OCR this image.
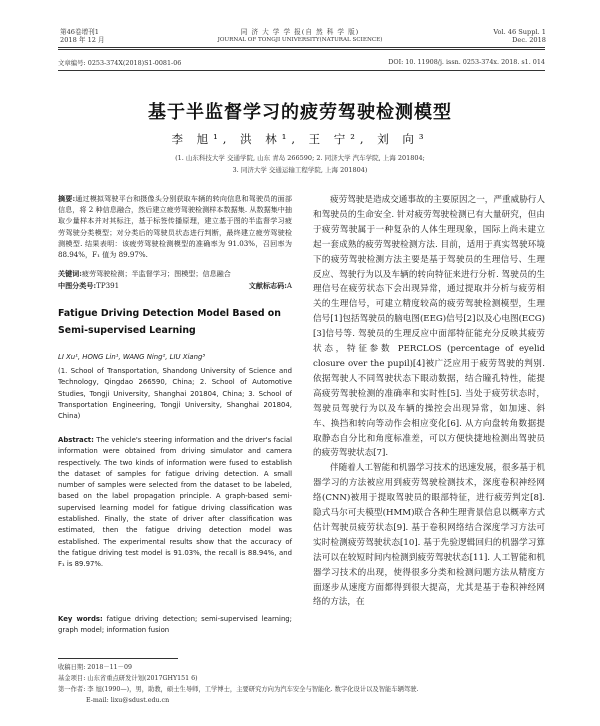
第46卷增刊1
2018 年 12 月
同 济 大 学 学 报(自 然 科 学 版)
JOURNAL OF TONGJI UNIVERSITY(NATURAL SCIENCE)
Vol. 46 Suppl. 1
Dec. 2018
文章编号: 0253-374X(2018)S1-0081-06	DOI: 10. 11908/j. issn. 0253-374x. 2018. s1. 014
基于半监督学习的疲劳驾驶检测模型
李 旭¹, 洪 林¹, 王 宁², 刘 向³
(1. 山东科技大学 交通学院, 山东 青岛 266590; 2. 同济大学 汽车学院, 上海 201804;
3. 同济大学 交通运输工程学院, 上海 201804)
摘要:通过模拟驾驶平台和摄像头分别获取车辆的转向信息和驾驶员的面部信息，将 2 种信息融合，然后建立疲劳驾驶检测样本数据集. 从数据集中抽取少量样本并对其标注，基于标签传播原理，建立基于图的半监督学习疲劳驾驶分类模型；对分类后的驾驶员状态进行判断，最终建立疲劳驾驶检测模型. 结果表明：该疲劳驾驶检测模型的准确率为 91.03%，召回率为 88.94%，F₁ 值为 89.97%.
关键词:疲劳驾驶检测；半监督学习；图模型；信息融合
中图分类号:TP391	文献标志码:A
Fatigue Driving Detection Model Based on Semi-supervised Learning
LI Xu¹, HONG Lin¹, WANG Ning², LIU Xiang³
(1. School of Transportation, Shandong University of Science and Technology, Qingdao 266590, China; 2. School of Automotive Studies, Tongji University, Shanghai 201804, China; 3. School of Transportation Engineering, Tongji University, Shanghai 201804, China)
Abstract: The vehicle's steering information and the driver's facial information were obtained from driving simulator and camera respectively. The two kinds of information were fused to establish the dataset of samples for fatigue driving detection. A small number of samples were selected from the dataset to be labeled, based on the label propagation principle. A graph-based semi-supervised learning model for fatigue driving classification was established. Finally, the state of driver after classification was estimated, then the fatigue driving detection model was established. The experimental results show that the accuracy of the fatigue driving test model is 91.03%, the recall is 88.94%, and F₁ is 89.97%.
Key words: fatigue driving detection; semi-supervised learning; graph model; information fusion

疲劳驾驶是造成交通事故的主要原因之一，严重威胁行人和驾驶员的生命安全. 针对疲劳驾驶检测已有大量研究，但由于疲劳驾驶属于一种复杂的人体生理现象，国际上尚未建立起一套成熟的疲劳驾驶检测方法. 目前，适用于真实驾驶环境下的疲劳驾驶检测方法主要是基于驾驶员的生理信号、生理反应、驾驶行为以及车辆的转向特征来进行分析. 驾驶员的生理信号在疲劳状态下会出现异常，通过提取并分析与疲劳相关的生理信号，可建立精度较高的疲劳驾驶检测模型，生理信号[1]包括驾驶员的脑电图(EEG)信号[2]以及心电图(ECG)[3]信号等. 驾驶员的生理反应中面部特征能充分反映其疲劳状态，特征参数 PERCLOS (percentage of eyelid closure over the pupil)[4]被广泛应用于疲劳驾驶的判别. 依据驾驶人不同驾驶状态下眼动数据，结合瞳孔特性，能提高疲劳驾驶检测的准确率和实时性[5]. 当处于疲劳状态时，驾驶员驾驶行为以及车辆的操控会出现异常，如加速、斜车、换挡和转向等动作会相应变化[6]. 从方向盘转角数据提取静态自分比和角度标准差，可以方便快捷地检测出驾驶员的疲劳驾驶状态[7].

伴随着人工智能和机器学习技术的迅速发展，很多基于机器学习的方法被应用到疲劳驾驶检测技术，深度卷积神经网络(CNN)被用于提取驾驶员的眼部特征，进行疲劳判定[8]. 隐式马尔可夫模型(HMM)联合各种生理背景信息以概率方式估计驾驶员疲劳状态[9]. 基于卷积网络结合深度学习方法可实时检测疲劳驾驶状态[10]. 基于先验逻辑回归的机器学习算法可以在较短时间内检测到疲劳驾驶状态[11]. 人工智能和机器学习技术的出现，使得很多分类和检测问题方法从精度方面逐步从速度方面都得到很大提高，尤其是基于卷积神经网络的方法，在

收稿日期: 2018－11－09
基金项目: 山东省重点研发计划(2017GHY151 6)
第一作者: 李 旭(1990—)，男，助教，硕士生导师，工学博士，主要研究方向为汽车安全与智能化. 数字化设计以及智能车辆驾驶.
E-mail: lixu@sdust.edu.cn
